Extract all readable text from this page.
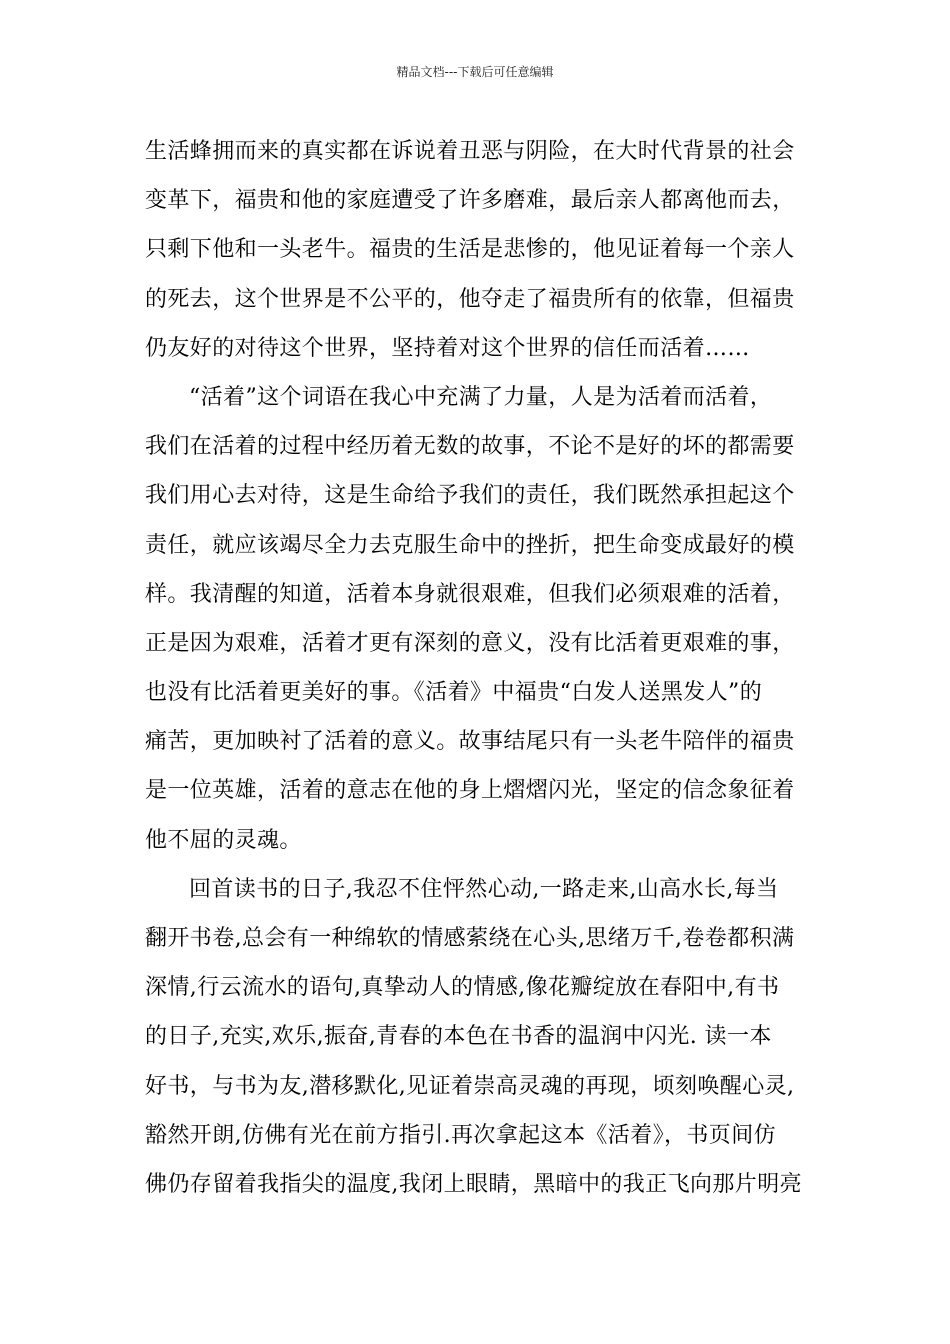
精品文档---下载后可任意编辑
生活蜂拥而来的真实都在诉说着丑恶与阴险，在大时代背景的社会
变革下，福贵和他的家庭遭受了许多磨难，最后亲人都离他而去，
只剩下他和一头老牛。福贵的生活是悲惨的，他见证着每一个亲人
的死去，这个世界是不公平的，他夺走了福贵所有的依靠，但福贵
仍友好的对待这个世界，坚持着对这个世界的信任而活着……
“活着”这个词语在我心中充满了力量，人是为活着而活着，
我们在活着的过程中经历着无数的故事，不论不是好的坏的都需要
我们用心去对待，这是生命给予我们的责任，我们既然承担起这个
责任，就应该竭尽全力去克服生命中的挫折，把生命变成最好的模
样。我清醒的知道，活着本身就很艰难，但我们必须艰难的活着，
正是因为艰难，活着才更有深刻的意义，没有比活着更艰难的事，
也没有比活着更美好的事。《活着》中福贵“白发人送黑发人”的
痛苦，更加映衬了活着的意义。故事结尾只有一头老牛陪伴的福贵
是一位英雄，活着的意志在他的身上熠熠闪光，坚定的信念象征着
他不屈的灵魂。
回首读书的日子,我忍不住怦然心动,一路走来,山高水长,每当
翻开书卷,总会有一种绵软的情感萦绕在心头,思绪万千,卷卷都积满
深情,行云流水的语句,真挚动人的情感,像花瓣绽放在春阳中,有书
的日子,充实,欢乐,振奋,青春的本色在书香的温润中闪光. 读一本
好书，与书为友,潜移默化,见证着崇高灵魂的再现，顷刻唤醒心灵,
豁然开朗,仿佛有光在前方指引.再次拿起这本《活着》，书页间仿
佛仍存留着我指尖的温度,我闭上眼睛，黑暗中的我正飞向那片明亮
